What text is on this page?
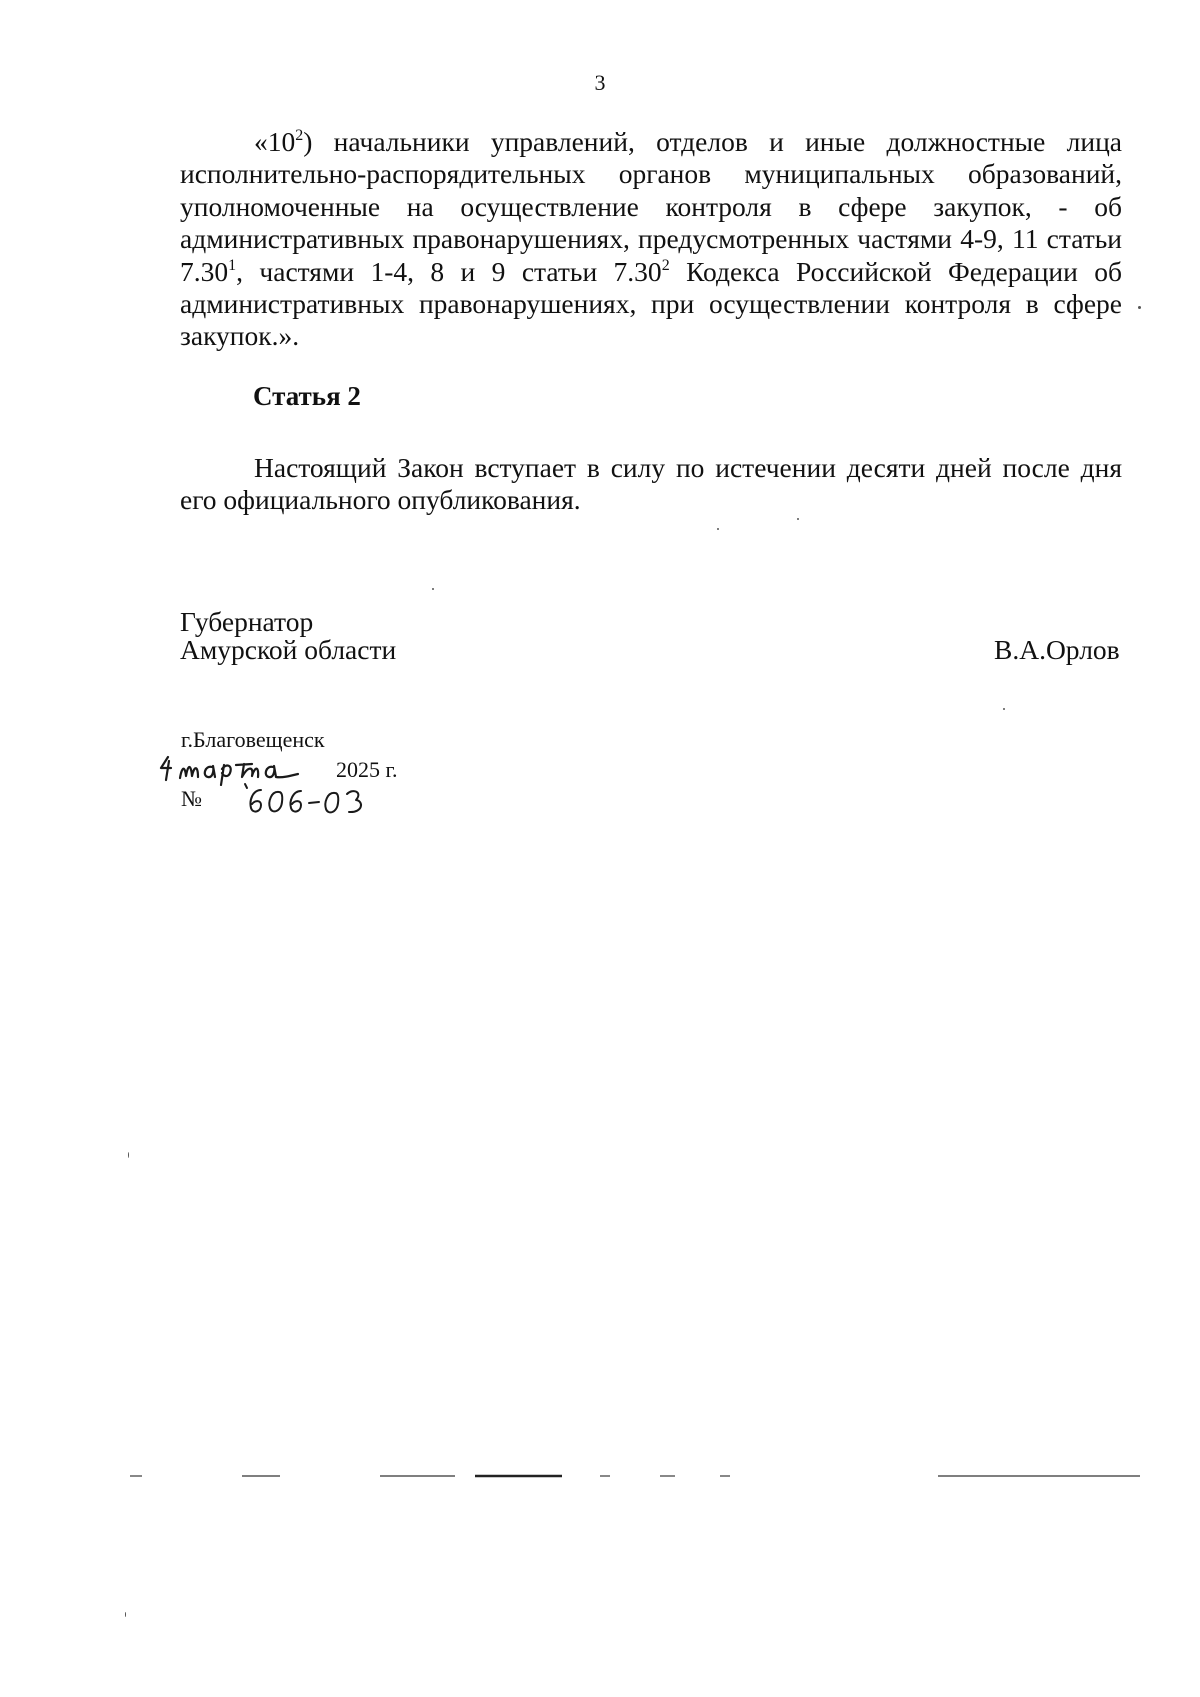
3

«$10^2$) начальники управлений, отделов и иные должностные лица исполнительно-распорядительных органов муниципальных образований, уполномоченные на осуществление контроля в сфере закупок, - об административных правонарушениях, предусмотренных частями 4-9, 11 статьи 7.30$^1$, частями 1-4, 8 и 9 статьи 7.30$^2$ Кодекса Российской Федерации об административных правонарушениях, при осуществлении контроля в сфере закупок.».

Статья 2

Настоящий Закон вступает в силу по истечении десяти дней после дня его официального опубликования.

Губернатор
Амурской области	В.А.Орлов
г.Благовещенск
2025 г.
№
